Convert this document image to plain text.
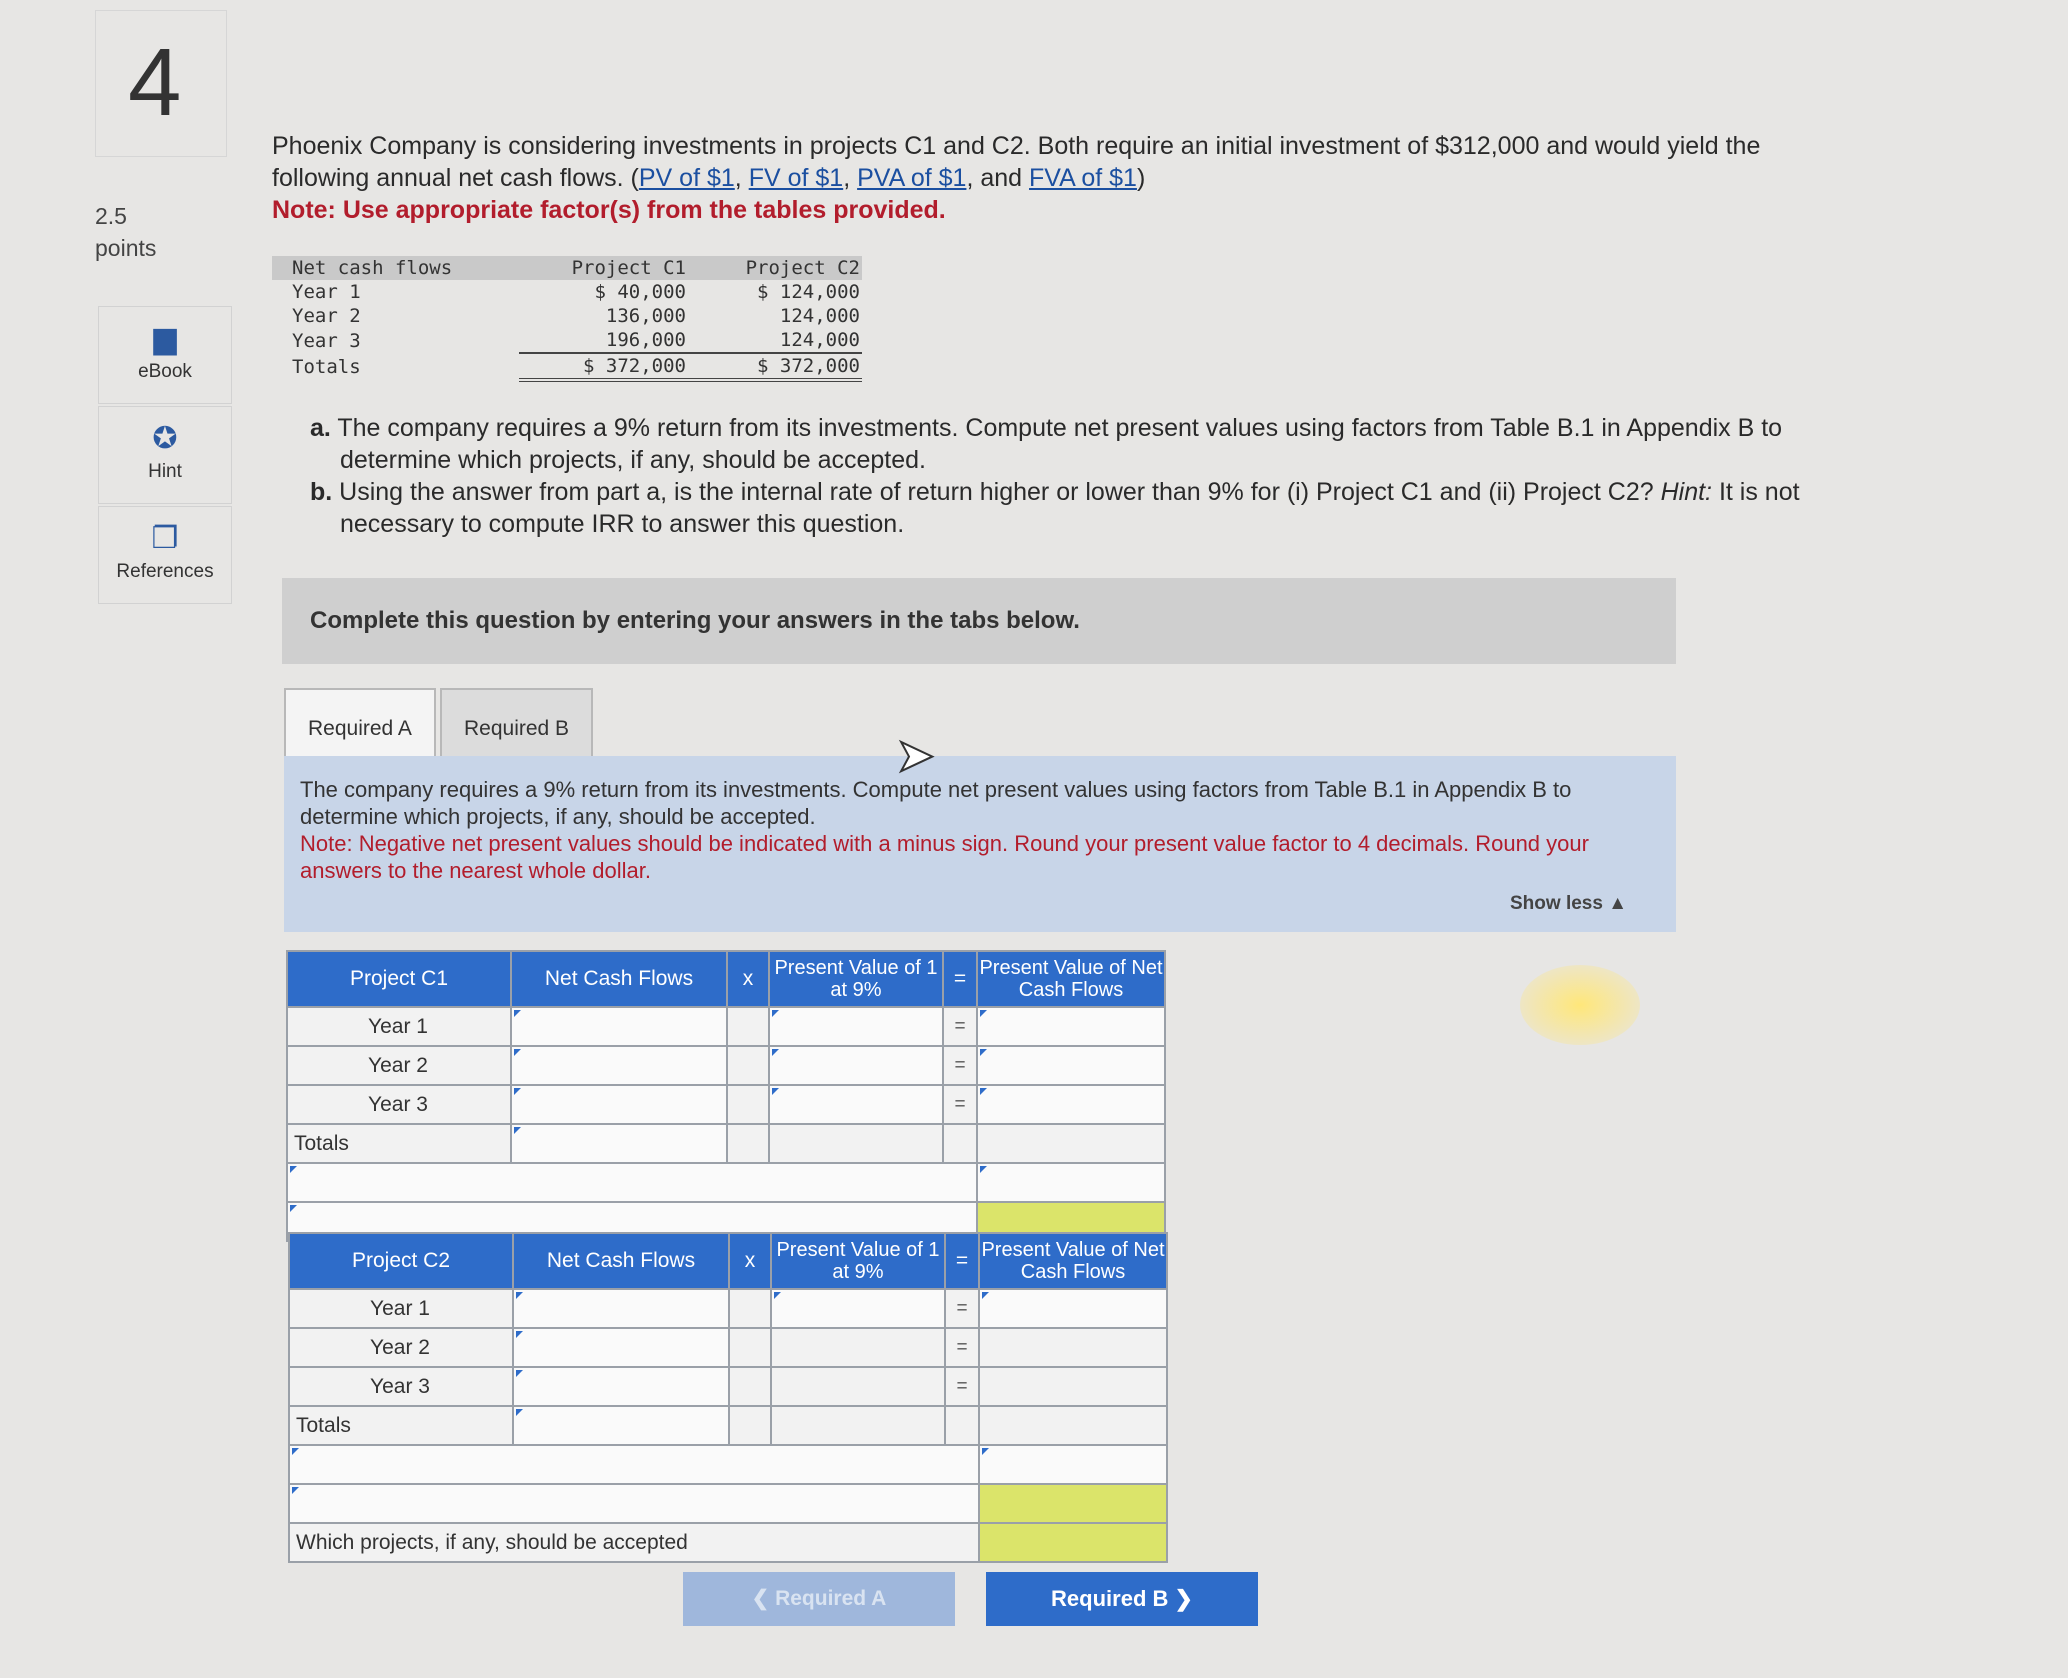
4
2.5
points
▆
eBook
✪
Hint
❐
References
Phoenix Company is considering investments in projects C1 and C2. Both require an initial investment of $312,000 and would yield the
following annual net cash flows. (PV of $1, FV of $1, PVA of $1, and FVA of $1)
Note: Use appropriate factor(s) from the tables provided.
Net cash flows	Project C1	Project C2
Year 1	$ 40,000	$ 124,000
Year 2	136,000	124,000
Year 3	196,000	124,000
Totals	$ 372,000	$ 372,000
a. The company requires a 9% return from its investments. Compute net present values using factors from Table B.1 in Appendix B to determine which projects, if any, should be accepted.
b. Using the answer from part a, is the internal rate of return higher or lower than 9% for (i) Project C1 and (ii) Project C2? Hint: It is not necessary to compute IRR to answer this question.
Complete this question by entering your answers in the tabs below.
Required A	Required B
The company requires a 9% return from its investments. Compute net present values using factors from Table B.1 in Appendix B to determine which projects, if any, should be accepted.
Note: Negative net present values should be indicated with a minus sign. Round your present value factor to 4 decimals. Round your answers to the nearest whole dollar.
Show less ▲
Project C1	Net Cash Flows	x	Present Value of 1 at 9%	=	Present Value of Net Cash Flows
Year 1				=	
Year 2				=	
Year 3				=	
Totals					

Project C2	Net Cash Flows	x	Present Value of 1 at 9%	=	Present Value of Net Cash Flows
Year 1				=	
Year 2				=	
Year 3				=	
Totals					

Which projects, if any, should be accepted					
❮ Required A	Required B ❯
➤
